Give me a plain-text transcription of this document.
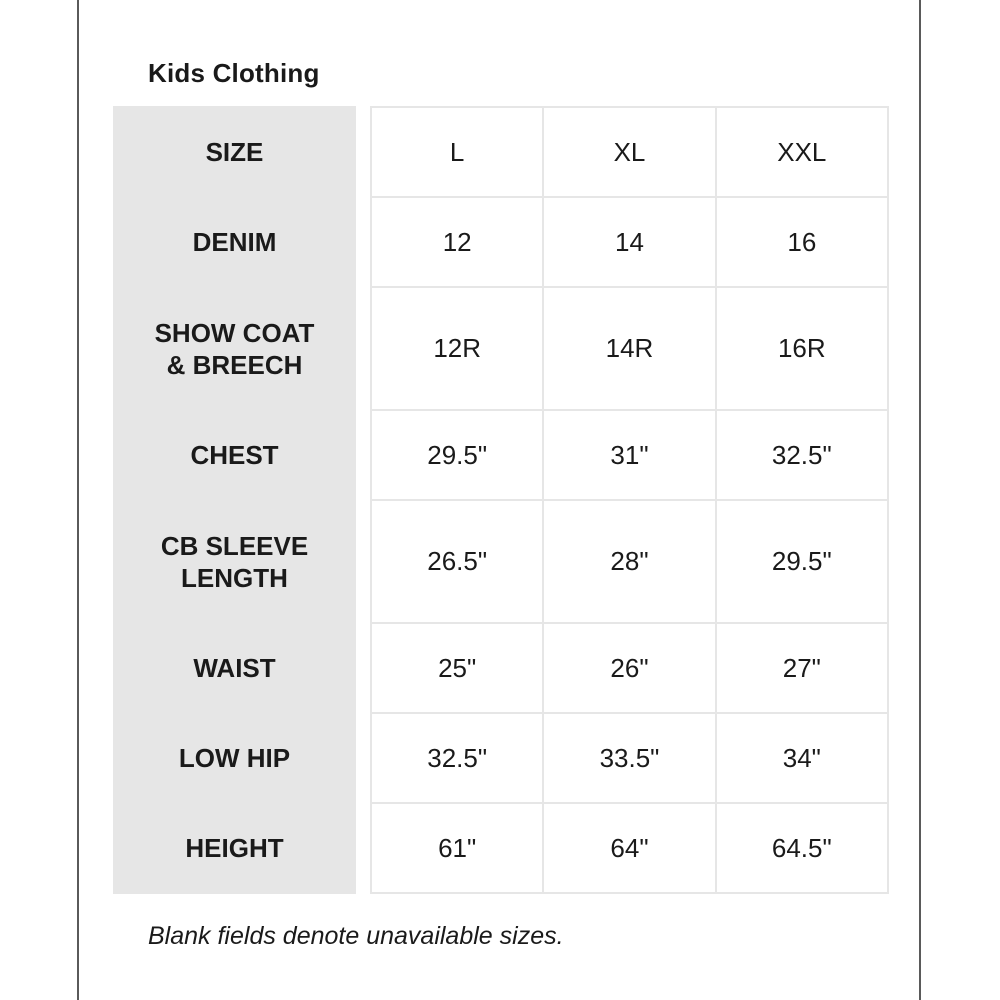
Kids Clothing
SIZE		L	XL	XXL
DENIM		12	14	16
SHOW COAT
& BREECH		12R	14R	16R
CHEST		29.5"	31"	32.5"
CB SLEEVE
LENGTH		26.5"	28"	29.5"
WAIST		25"	26"	27"
LOW HIP		32.5"	33.5"	34"
HEIGHT		61"	64"	64.5"
Blank fields denote unavailable sizes.
